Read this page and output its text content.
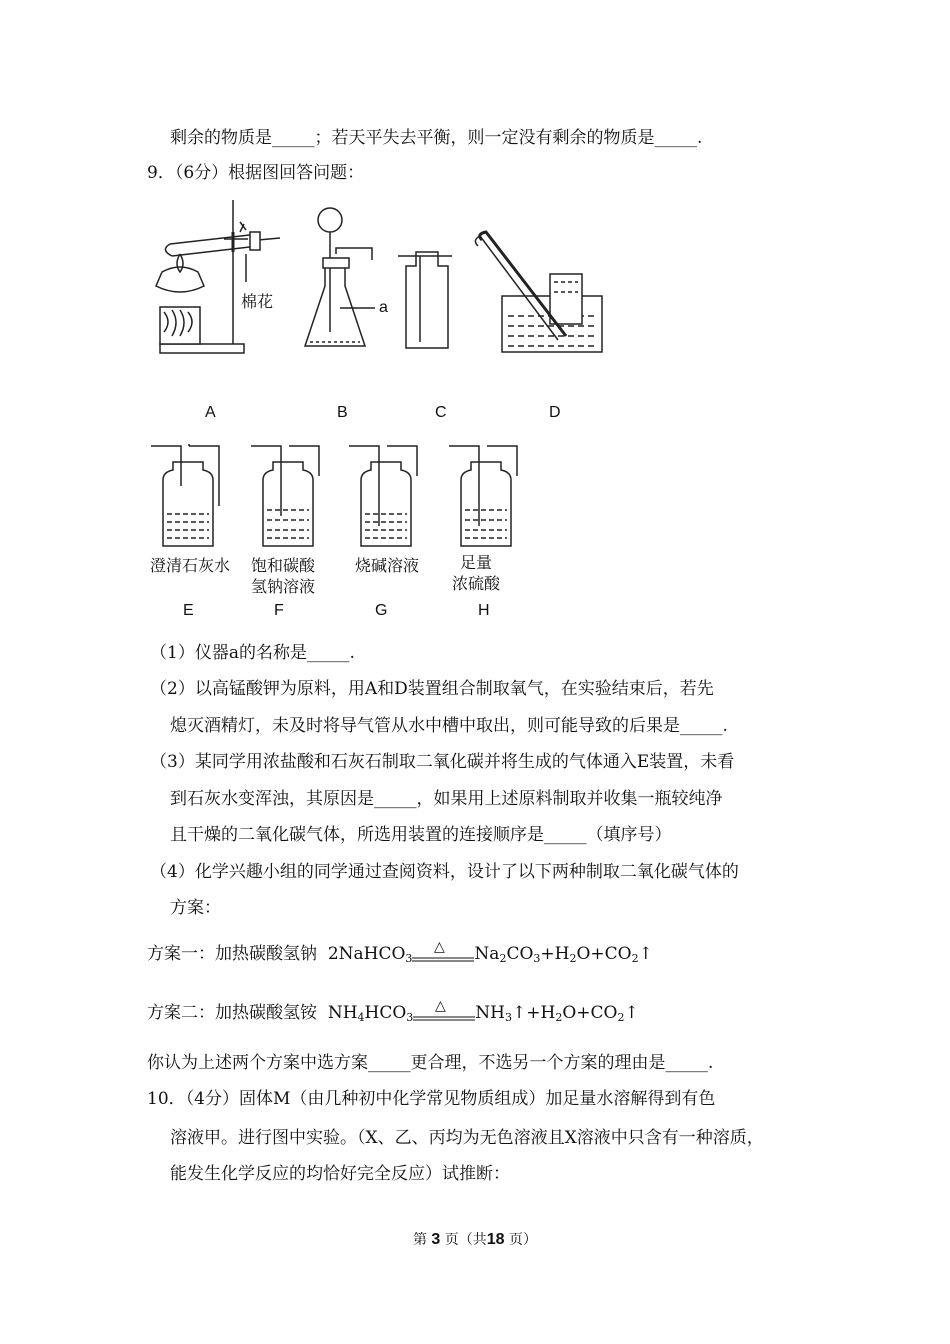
剩余的物质是_____；若天平失去平衡，则一定没有剩余的物质是_____.
9．（6分）根据图回答问题：
棉花	a
A	B	C	D
澄清石灰水	饱和碳酸
氢钠溶液
烧碱溶液	足量
浓硫酸
E	F	G	H
（1）仪器a的名称是_____.
（2）以高锰酸钾为原料，用A和D装置组合制取氧气，在实验结束后，若先
熄灭酒精灯，未及时将导气管从水中槽中取出，则可能导致的后果是_____.
（3）某同学用浓盐酸和石灰石制取二氧化碳并将生成的气体通入E装置，未看
到石灰水变浑浊，其原因是_____，如果用上述原料制取并收集一瓶较纯净
且干燥的二氧化碳气体，所选用装置的连接顺序是_____（填序号）
（4）化学兴趣小组的同学通过查阅资料，设计了以下两种制取二氧化碳气体的
方案：
方案一：加热碳酸氢钠 2NaHCO$_3$
△ $Na_2CO_3+H_2O+CO_2↑$
方案二：加热碳酸氢铵 $NH_4HCO_3$
△ $NH_3↑+H_2O+CO_2↑$
你认为上述两个方案中选方案_____更合理，不选另一个方案的理由是_____.
10．（4分）固体M（由几种初中化学常见物质组成）加足量水溶解得到有色
溶液甲。进行图中实验。（X、乙、丙均为无色溶液且X溶液中只含有一种溶质，
能发生化学反应的均恰好完全反应）试推断：
第 3 页（共18 页）
